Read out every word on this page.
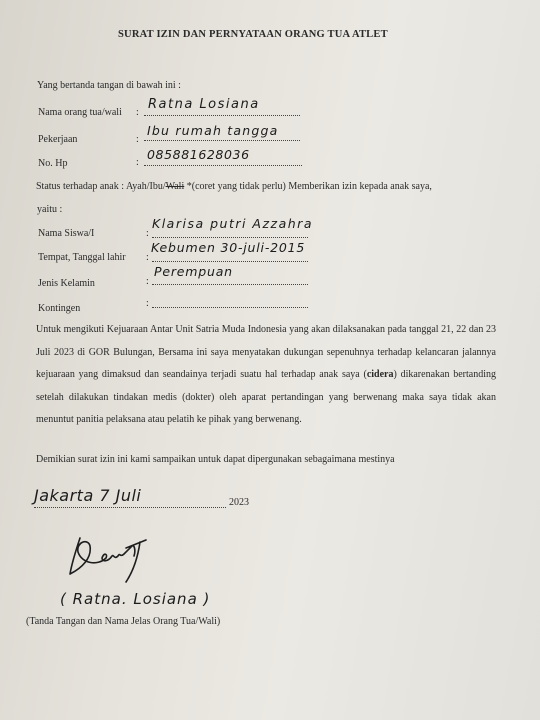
SURAT IZIN DAN PERNYATAAN ORANG TUA ATLET
Yang bertanda tangan di bawah ini :
Nama orang tua/wali :
Ratna Losiana
Pekerjaan	:
Ibu rumah tangga
No. Hp	:
085881628036
Status terhadap anak : Ayah/Ibu/Wali *(coret yang tidak perlu) Memberikan izin kepada anak saya,
yaitu :
Nama Siswa/I	:
Klarisa putri Azzahra
Tempat, Tanggal lahir :
Kebumen 30-juli-2015
Jenis Kelamin	:
Perempuan
Kontingen	:
Untuk mengikuti Kejuaraan Antar Unit Satria Muda Indonesia yang akan dilaksanakan pada tanggal 21, 22 dan 23 Juli 2023 di GOR Bulungan, Bersama ini saya menyatakan dukungan sepenuhnya terhadap kelancaran jalannya kejuaraan yang dimaksud dan seandainya terjadi suatu hal terhadap anak saya (cidera) dikarenakan bertanding setelah dilakukan tindakan medis (dokter) oleh aparat pertandingan yang berwenang maka saya tidak akan menuntut panitia pelaksana atau pelatih ke pihak yang berwenang.
Demikian surat izin ini kami sampaikan untuk dapat dipergunakan sebagaimana mestinya
Jakarta 7 Juli	2023
( Ratna. Losiana )
(Tanda Tangan dan Nama Jelas Orang Tua/Wali)
